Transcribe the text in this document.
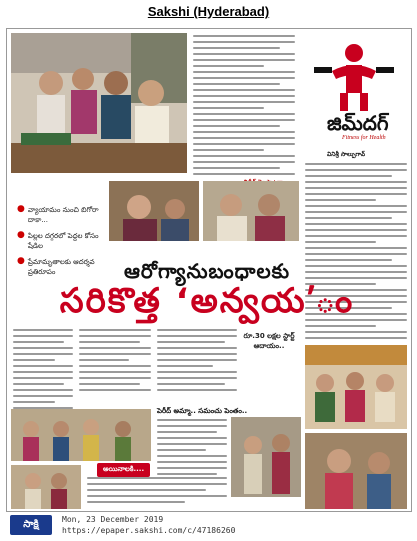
Sakshi (Hyderabad)
జిమ్‌దగ్
Fitness for Health
వినిశ్రీ సాల్పుగావ్
● వ్యాయామం నుంచి బిగోరా దాకా...
● పిల్లల దగ్గరలో పెద్దల కోసం షేడిల
● ప్రేమామృతాలకు ఆదర్శవ ప్రతిరూపం	ఆరోగ్యానుబంధాలకు
సరికొత్త ‘అన్వయ’ం
రూ.30 లక్షల స్టార్ట్ ఆదాయం..
పెరీద్ అమ్మా.. సమంచు పెంతం..
అయినాలకి....
సాక్షి	Mon, 23 December 2019
https://epaper.sakshi.com/c/47186260
